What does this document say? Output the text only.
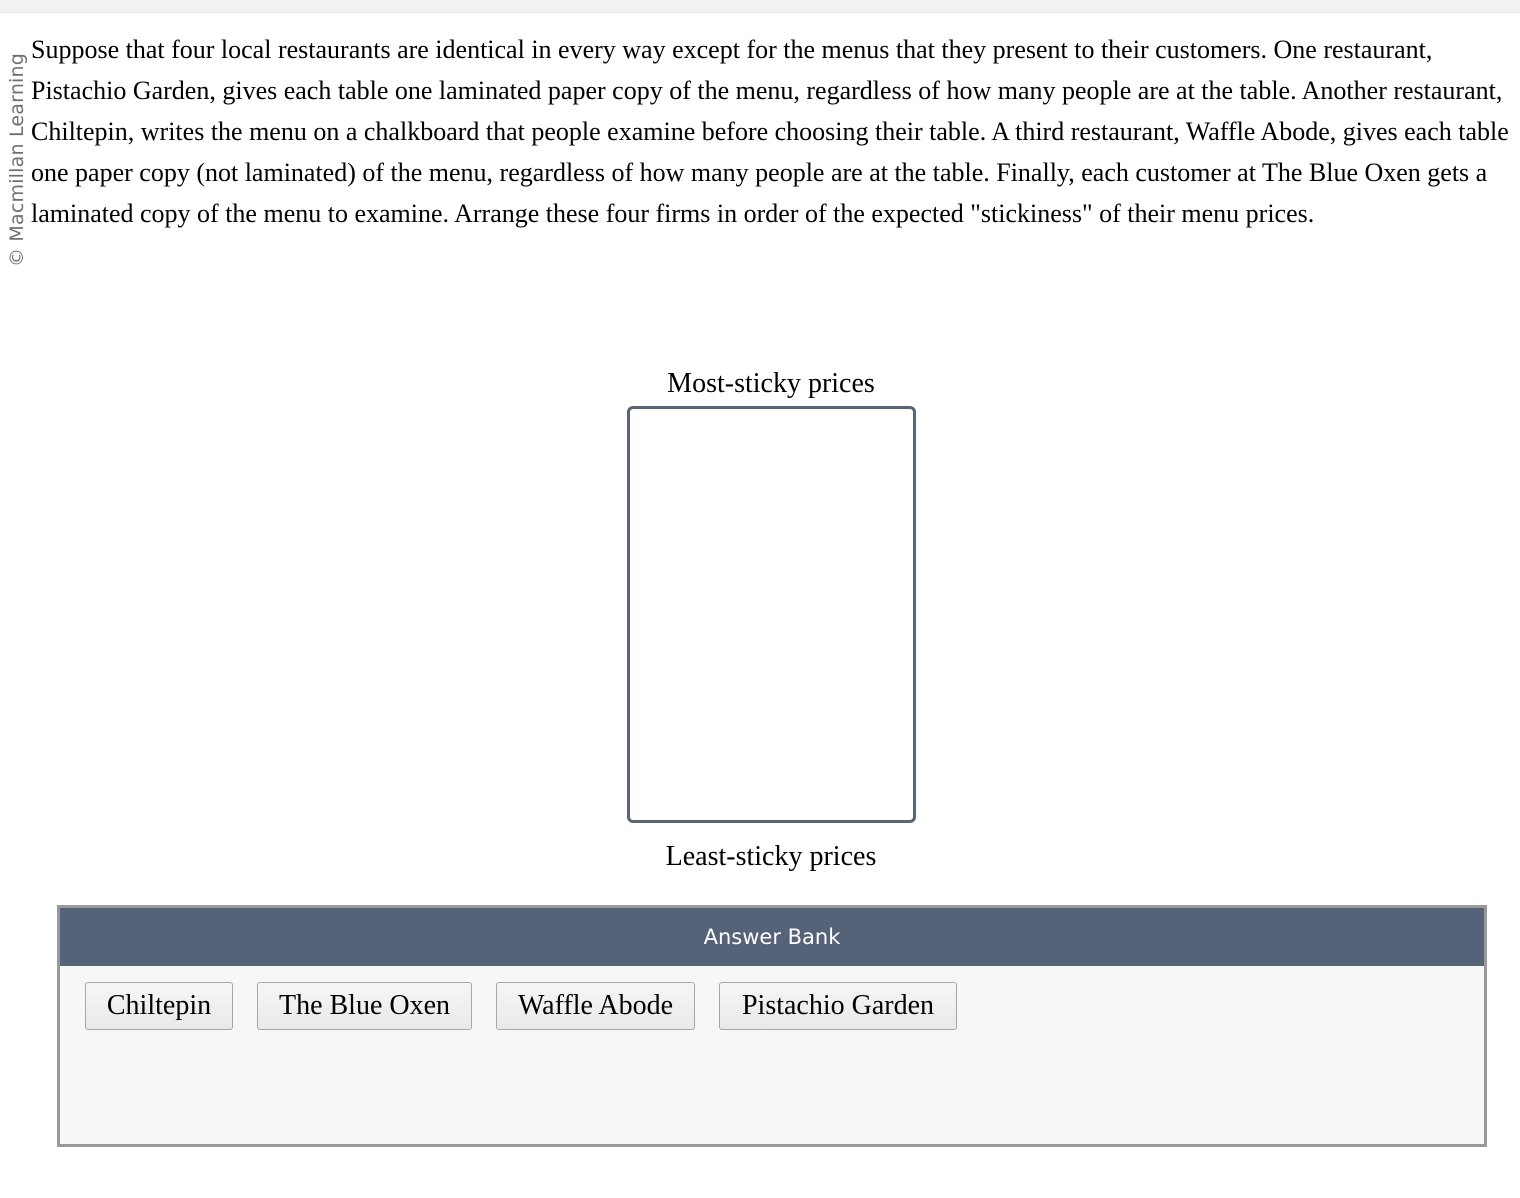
© Macmillan Learning

Suppose that four local restaurants are identical in every way except for the menus that they present to their customers. One restaurant, Pistachio Garden, gives each table one laminated paper copy of the menu, regardless of how many people are at the table. Another restaurant, Chiltepin, writes the menu on a chalkboard that people examine before choosing their table. A third restaurant, Waffle Abode, gives each table one paper copy (not laminated) of the menu, regardless of how many people are at the table. Finally, each customer at The Blue Oxen gets a laminated copy of the menu to examine. Arrange these four firms in order of the expected "stickiness" of their menu prices.

Most-sticky prices
Least-sticky prices
Answer Bank
Chiltepin	The Blue Oxen	Waffle Abode	Pistachio Garden
